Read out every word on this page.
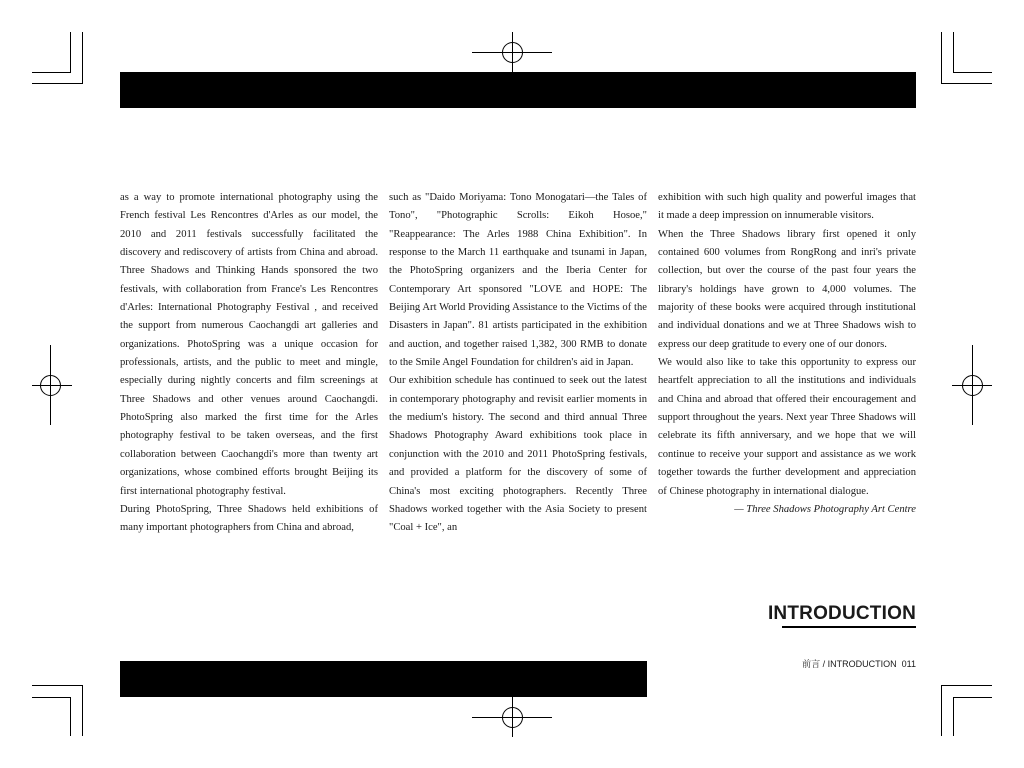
as a way to promote international photography using the French festival Les Rencontres d'Arles as our model, the 2010 and 2011 festivals successfully facilitated the discovery and rediscovery of artists from China and abroad. Three Shadows and Thinking Hands sponsored the two festivals, with collaboration from France's Les Rencontres d'Arles: International Photography Festival , and received the support from numerous Caochangdi art galleries and organizations. PhotoSpring was a unique occasion for professionals, artists, and the public to meet and mingle, especially during nightly concerts and film screenings at Three Shadows and other venues around Caochangdi. PhotoSpring also marked the first time for the Arles photography festival to be taken overseas, and the first collaboration between Caochangdi's more than twenty art organizations, whose combined efforts brought Beijing its first international photography festival.

During PhotoSpring, Three Shadows held exhibitions of many important photographers from China and abroad,

such as "Daido Moriyama: Tono Monogatari—the Tales of Tono", "Photographic Scrolls: Eikoh Hosoe," "Reappearance: The Arles 1988 China Exhibition". In response to the March 11 earthquake and tsunami in Japan, the PhotoSpring organizers and the Iberia Center for Contemporary Art sponsored "LOVE and HOPE: The Beijing Art World Providing Assistance to the Victims of the Disasters in Japan". 81 artists participated in the exhibition and auction, and together raised 1,382, 300 RMB to donate to the Smile Angel Foundation for children's aid in Japan.

Our exhibition schedule has continued to seek out the latest in contemporary photography and revisit earlier moments in the medium's history. The second and third annual Three Shadows Photography Award exhibitions took place in conjunction with the 2010 and 2011 PhotoSpring festivals, and provided a platform for the discovery of some of China's most exciting photographers. Recently Three Shadows worked together with the Asia Society to present "Coal + Ice", an

exhibition with such high quality and powerful images that it made a deep impression on innumerable visitors.

When the Three Shadows library first opened it only contained 600 volumes from RongRong and inri's private collection, but over the course of the past four years the library's holdings have grown to 4,000 volumes. The majority of these books were acquired through institutional and individual donations and we at Three Shadows wish to express our deep gratitude to every one of our donors.

We would also like to take this opportunity to express our heartfelt appreciation to all the institutions and individuals and China and abroad that offered their encouragement and support throughout the years. Next year Three Shadows will celebrate its fifth anniversary, and we hope that we will continue to receive your support and assistance as we work together towards the further development and appreciation of Chinese photography in international dialogue.

— Three Shadows Photography Art Centre

INTRODUCTION
前言 / INTRODUCTION 011
